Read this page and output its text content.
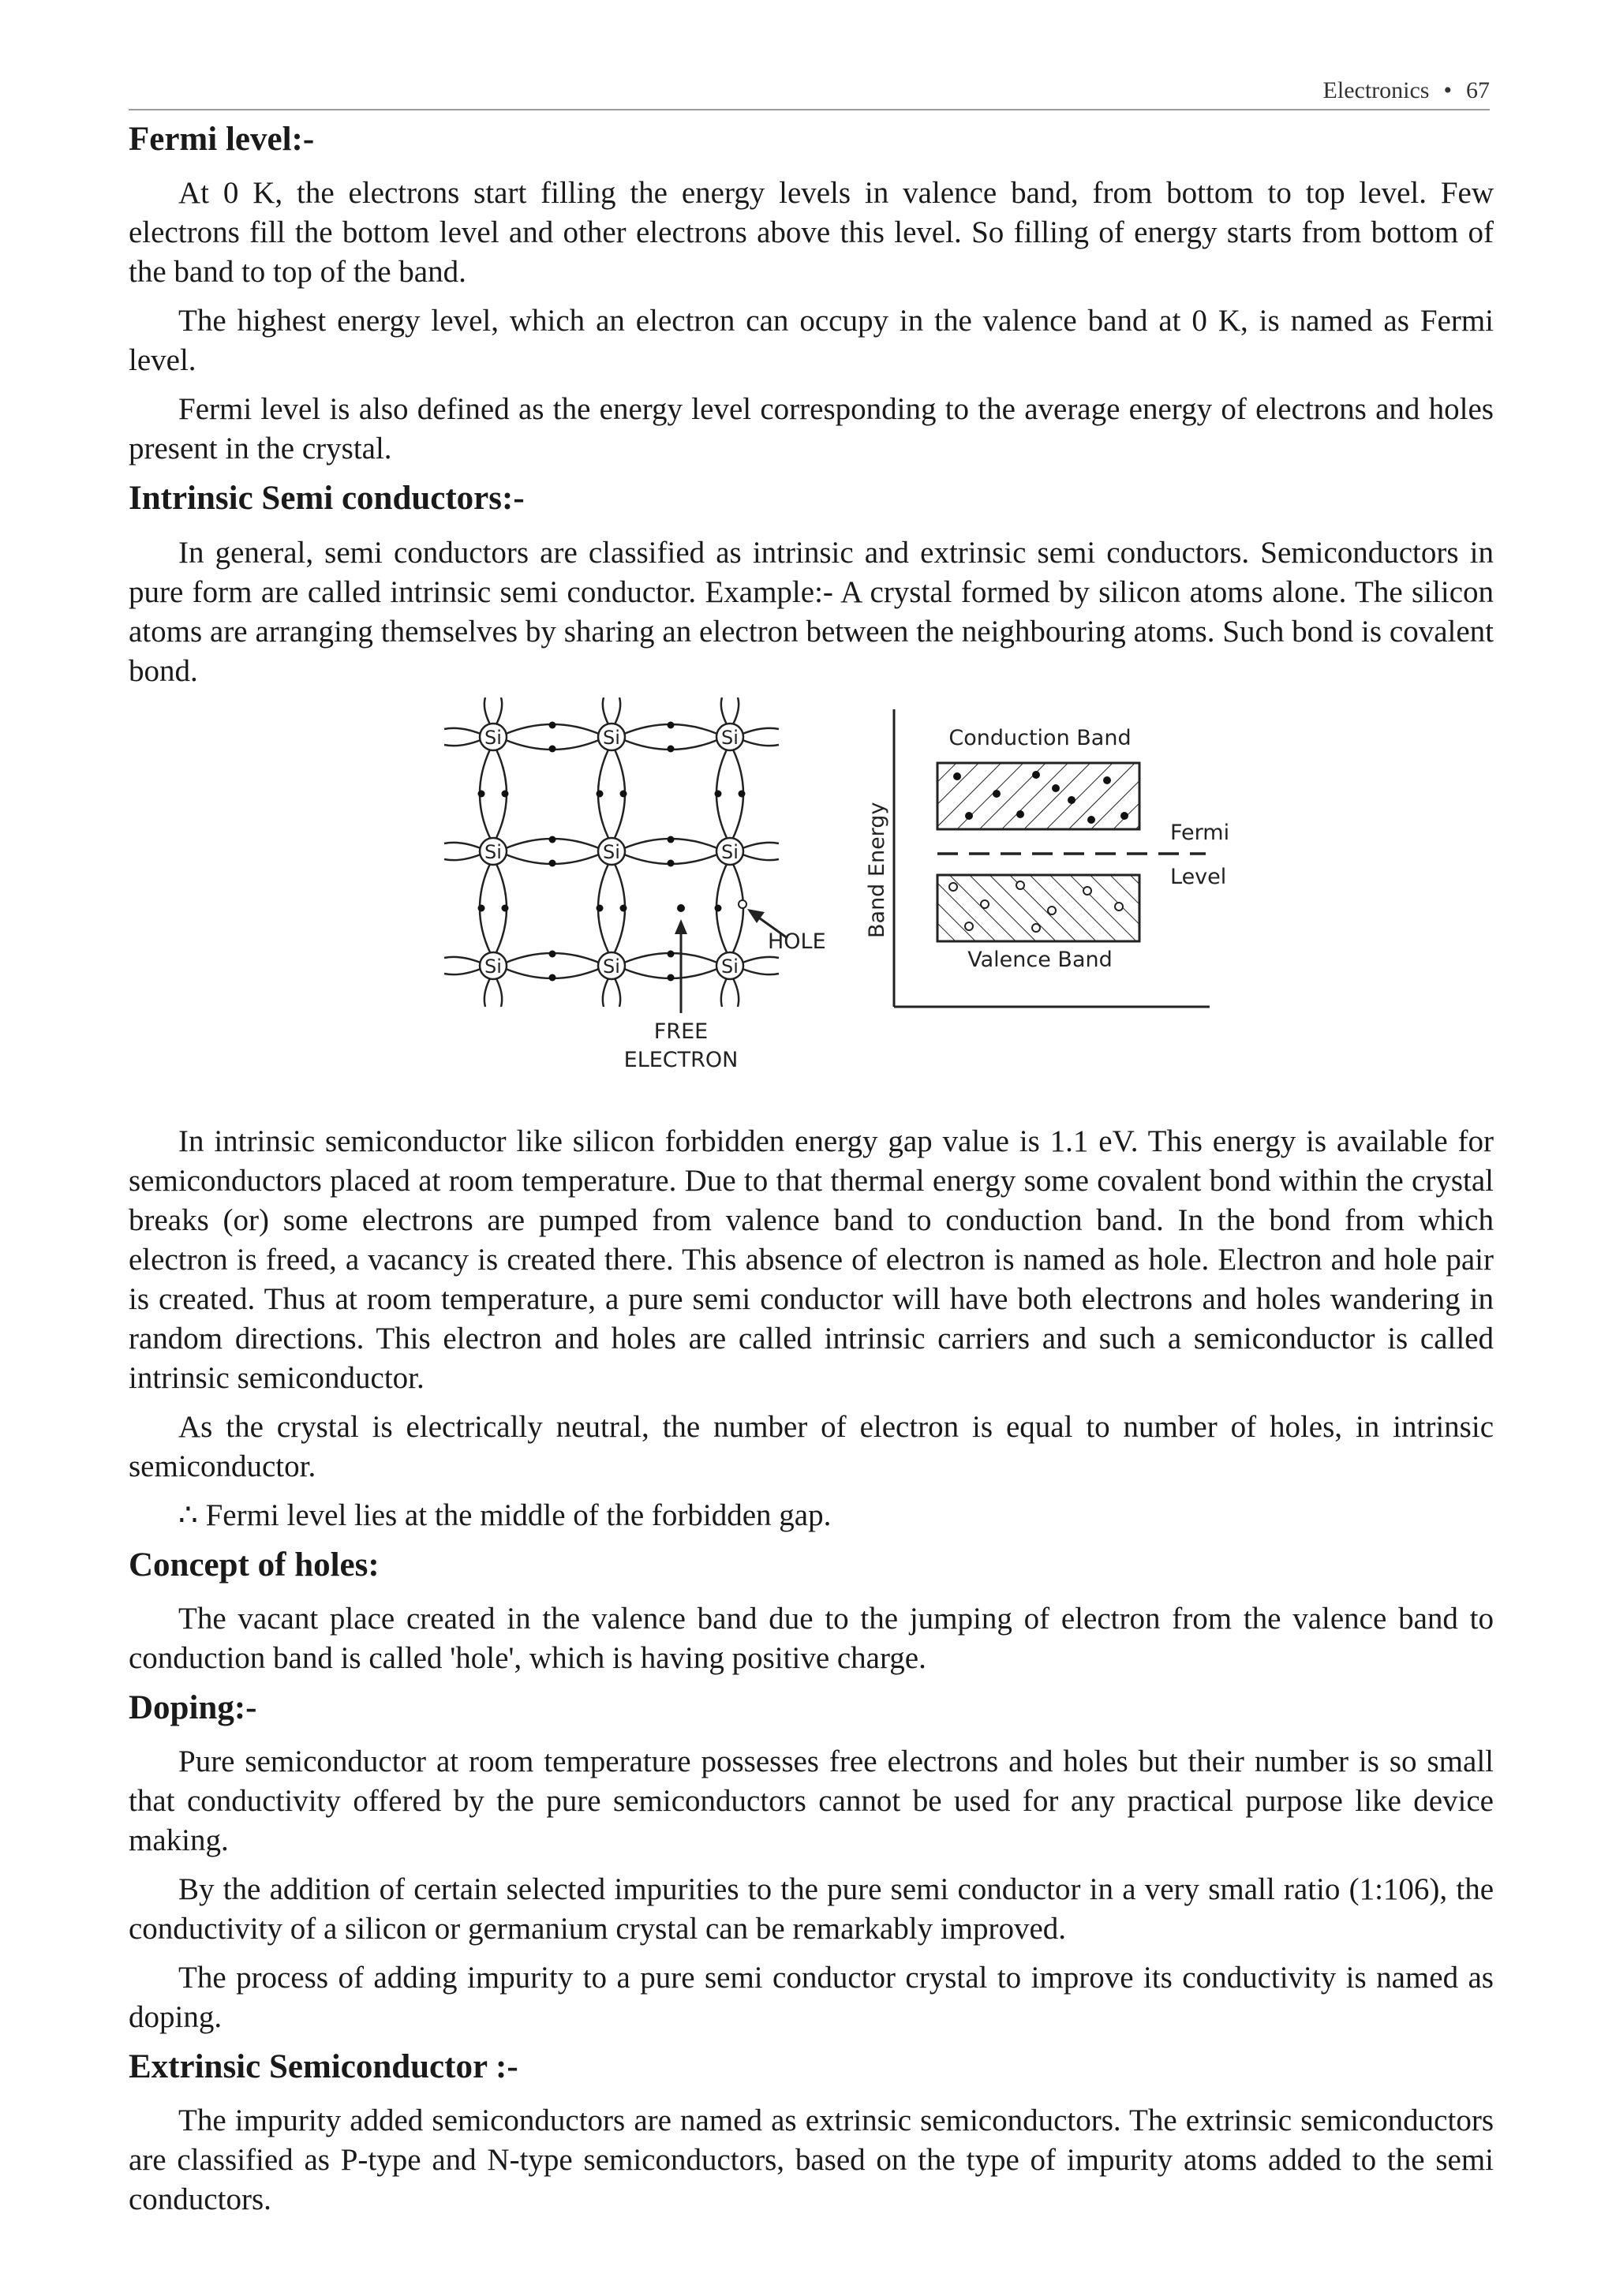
Electronics • 67
Fermi level:-

At 0 K, the electrons start filling the energy levels in valence band, from bottom to top level. Few electrons fill the bottom level and other electrons above this level. So filling of energy starts from bottom of the band to top of the band.

The highest energy level, which an electron can occupy in the valence band at 0 K, is named as Fermi level.

Fermi level is also defined as the energy level corresponding to the average energy of electrons and holes present in the crystal.

Intrinsic Semi conductors:-

In general, semi conductors are classified as intrinsic and extrinsic semi conductors. Semiconductors in pure form are called intrinsic semi conductor. Example:- A crystal formed by silicon atoms alone. The silicon atoms are arranging themselves by sharing an electron between the neighbouring atoms. Such bond is covalent bond.

Si	Si	Si
Si	Si	Si
Si	Si	Si
HOLE
FREE
ELECTRON
Band Energy
Conduction Band
Fermi
Level
Valence Band

In intrinsic semiconductor like silicon forbidden energy gap value is 1.1 eV. This energy is available for semiconductors placed at room temperature. Due to that thermal energy some covalent bond within the crystal breaks (or) some electrons are pumped from valence band to conduction band. In the bond from which electron is freed, a vacancy is created there. This absence of electron is named as hole. Electron and hole pair is created. Thus at room temperature, a pure semi conductor will have both electrons and holes wandering in random directions. This electron and holes are called intrinsic carriers and such a semiconductor is called intrinsic semiconductor.

As the crystal is electrically neutral, the number of electron is equal to number of holes, in intrinsic semiconductor.

∴ Fermi level lies at the middle of the forbidden gap.
Concept of holes:

The vacant place created in the valence band due to the jumping of electron from the valence band to conduction band is called 'hole', which is having positive charge.

Doping:-

Pure semiconductor at room temperature possesses free electrons and holes but their number is so small that conductivity offered by the pure semiconductors cannot be used for any practical purpose like device making.

By the addition of certain selected impurities to the pure semi conductor in a very small ratio (1:106), the conductivity of a silicon or germanium crystal can be remarkably improved.

The process of adding impurity to a pure semi conductor crystal to improve its conductivity is named as doping.

Extrinsic Semiconductor :-

The impurity added semiconductors are named as extrinsic semiconductors. The extrinsic semiconductors are classified as P-type and N-type semiconductors, based on the type of impurity atoms added to the semi conductors.
